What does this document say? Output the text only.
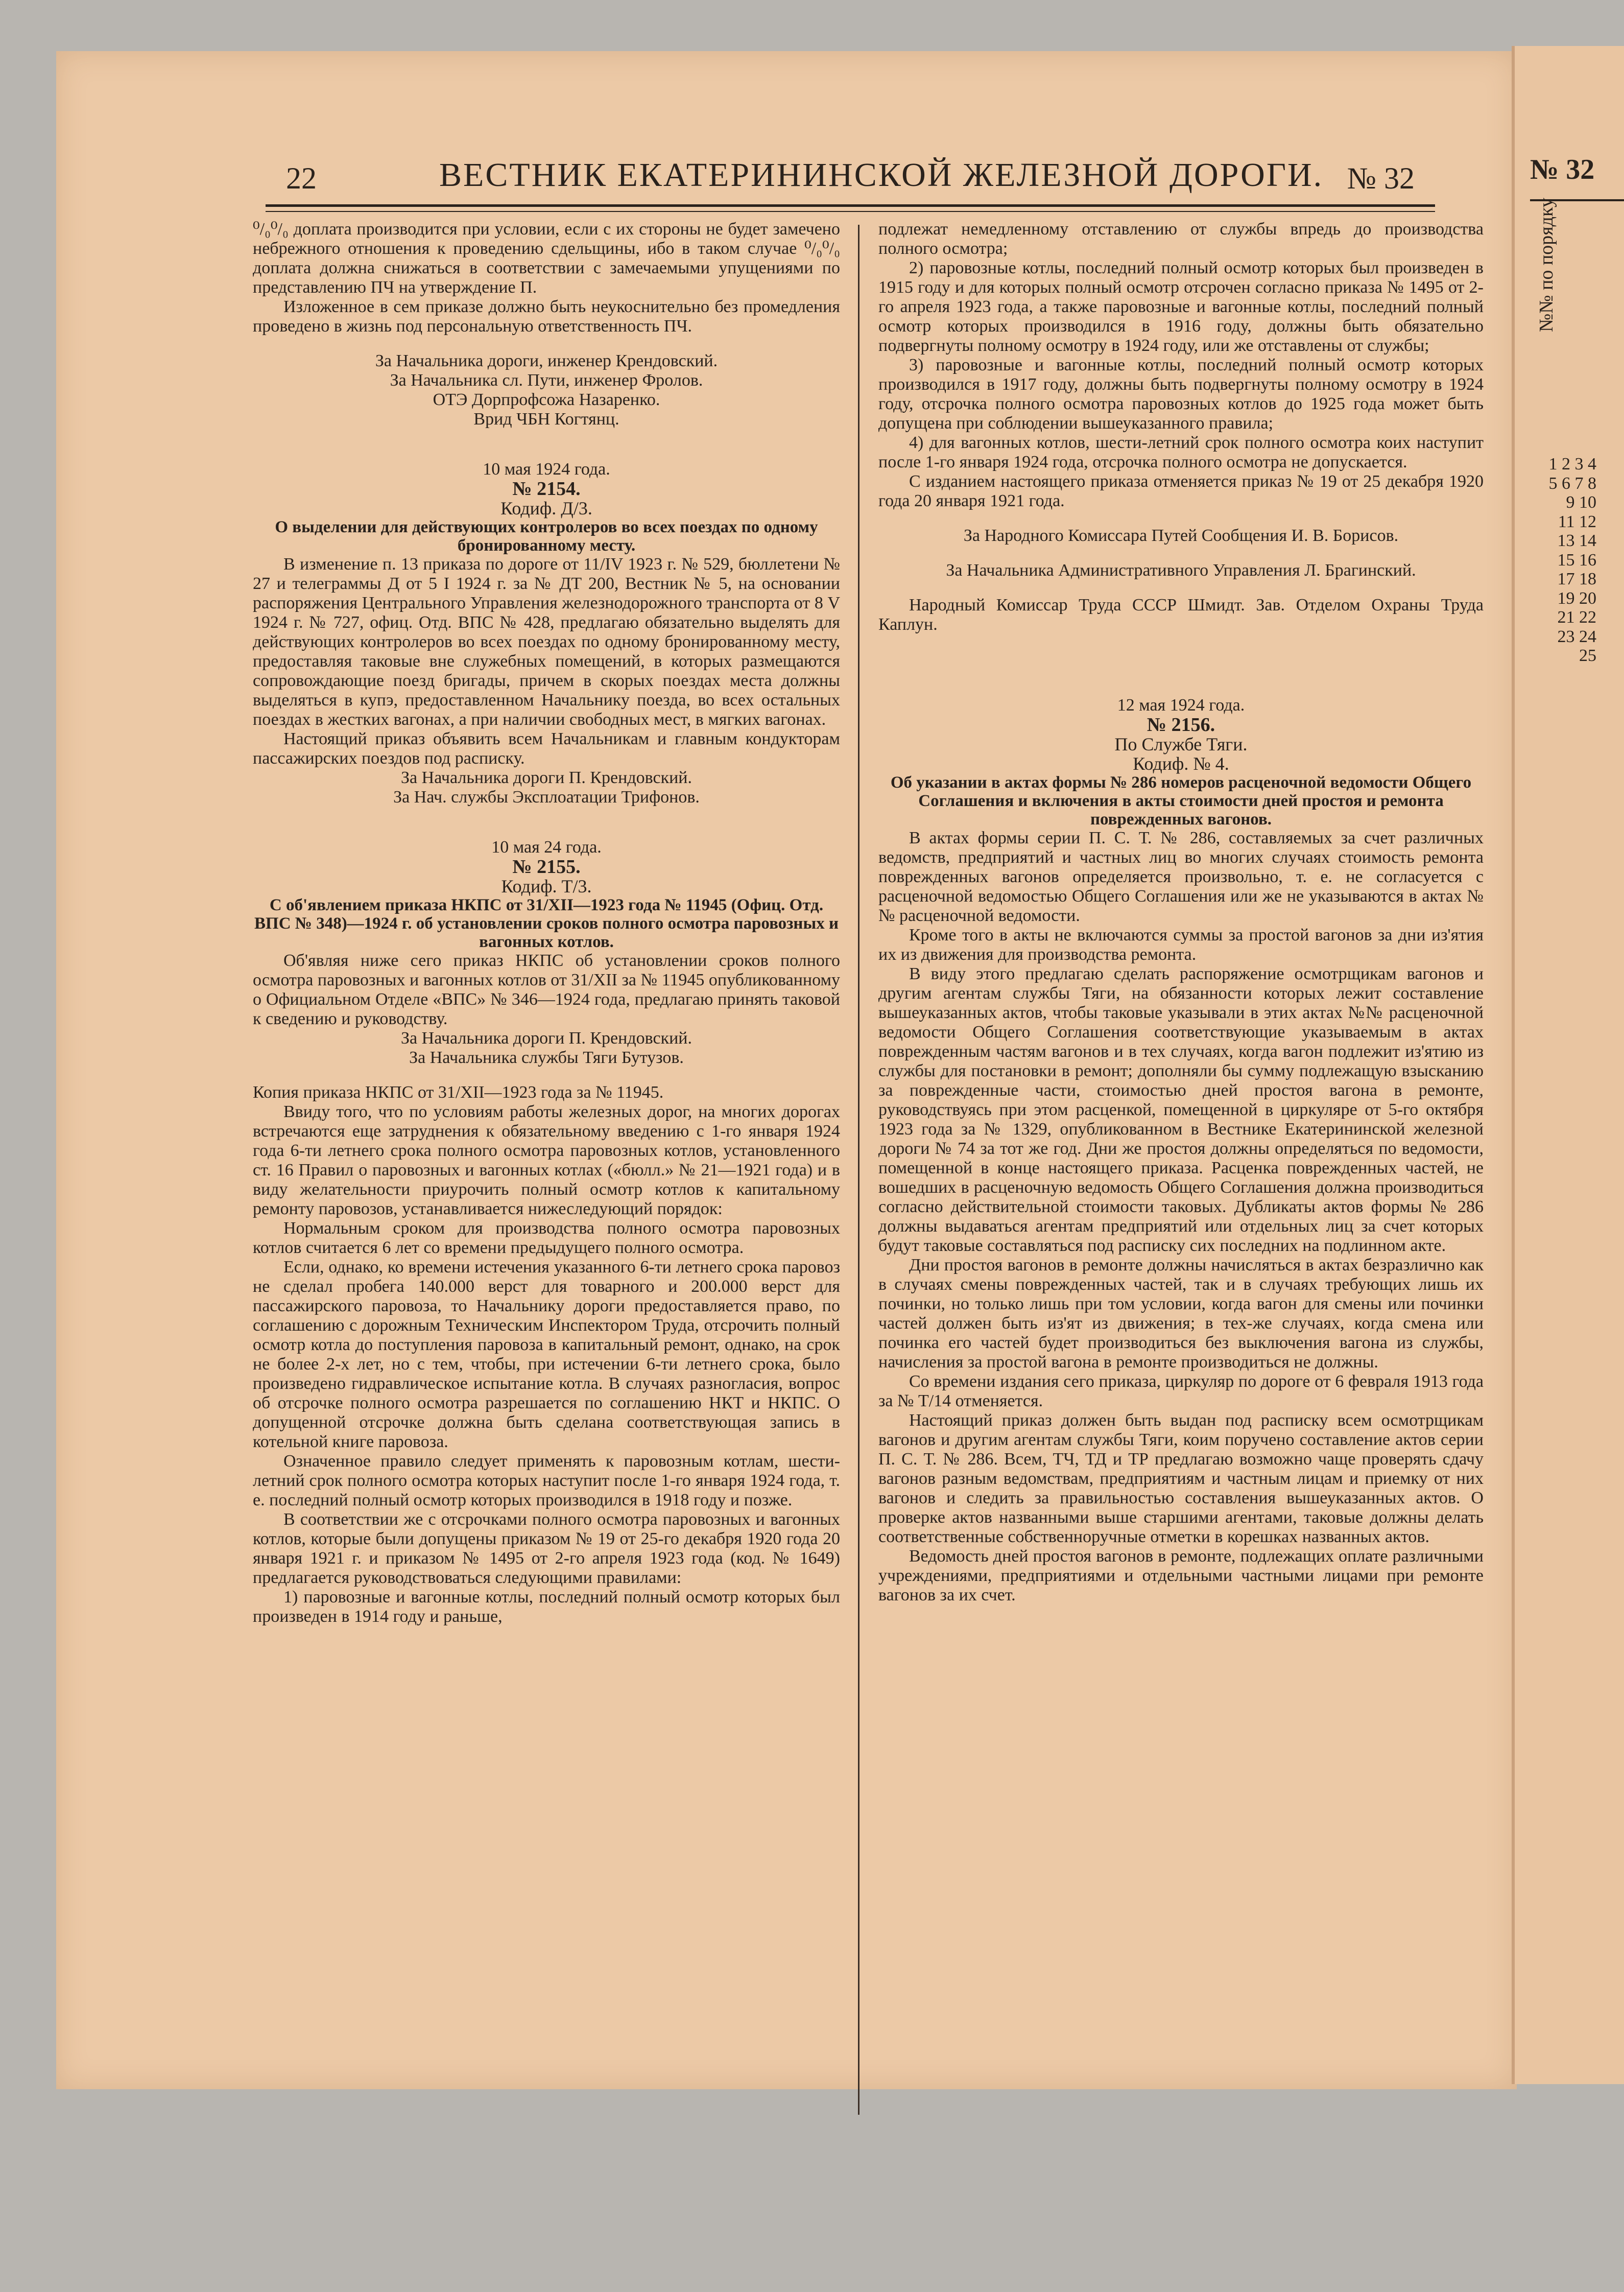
№ 32
№№ по порядку
1 2 3 4 5 6 7 8 9 10 11 12 13 14 15 16 17 18 19 20 21 22 23 24 25
22	ВЕСТНИК ЕКАТЕРИНИНСКОЙ ЖЕЛЕЗНОЙ ДОРОГИ. № 32

⁰/₀⁰/₀ доплата производится при условии, если с их стороны не будет замечено небрежного отношения к проведению сдельщины, ибо в таком случае ⁰/₀⁰/₀ доплата должна снижаться в соответствии с замечаемыми упущениями по представлению ПЧ на утверждение П.

Изложенное в сем приказе должно быть неукоснительно без промедления проведено в жизнь под персональную ответственность ПЧ.

За Начальника дороги, инженер Крендовский.
За Начальника сл. Пути, инженер Фролов.
ОТЭ Дорпрофсожа Назаренко.
Врид ЧБН Когтянц.
10 мая 1924 года.
№ 2154.
Кодиф. Д/3.
О выделении для действующих контролеров во всех поездах по одному бронированному месту.

В изменение п. 13 приказа по дороге от 11/IV 1923 г. № 529, бюллетени № 27 и телеграммы Д от 5 I 1924 г. за № ДТ 200, Вестник № 5, на основании распоряжения Центрального Управления железнодорожного транспорта от 8 V 1924 г. № 727, офиц. Отд. ВПС № 428, предлагаю обязательно выделять для действующих контролеров во всех поездах по одному бронированному месту, предоставляя таковые вне служебных помещений, в которых размещаются сопровождающие поезд бригады, причем в скорых поездах места должны выделяться в купэ, предоставленном Начальнику поезда, во всех остальных поездах в жестких вагонах, а при наличии свободных мест, в мягких вагонах.

Настоящий приказ объявить всем Начальникам и главным кондукторам пассажирских поездов под расписку.

За Начальника дороги П. Крендовский.
За Нач. службы Эксплоатации Трифонов.
10 мая 24 года.
№ 2155.
Кодиф. Т/3.
С об'явлением приказа НКПС от 31/XII—1923 года № 11945 (Офиц. Отд. ВПС № 348)—1924 г. об установлении сроков полного осмотра паровозных и вагонных котлов.

Об'являя ниже сего приказ НКПС об установлении сроков полного осмотра паровозных и вагонных котлов от 31/XII за № 11945 опубликованному о Официальном Отделе «ВПС» № 346—1924 года, предлагаю принять таковой к сведению и руководству.

За Начальника дороги П. Крендовский.
За Начальника службы Тяги Бутузов.

Копия приказа НКПС от 31/XII—1923 года за № 11945.

Ввиду того, что по условиям работы железных дорог, на многих дорогах встречаются еще затруднения к обязательному введению с 1-го января 1924 года 6-ти летнего срока полного осмотра паровозных котлов, установленного ст. 16 Правил о паровозных и вагонных котлах («бюлл.» № 21—1921 года) и в виду желательности приурочить полный осмотр котлов к капитальному ремонту паровозов, устанавливается нижеследующий порядок:

Нормальным сроком для производства полного осмотра паровозных котлов считается 6 лет со времени предыдущего полного осмотра.

Если, однако, ко времени истечения указанного 6-ти летнего срока паровоз не сделал пробега 140.000 верст для товарного и 200.000 верст для пассажирского паровоза, то Начальнику дороги предоставляется право, по соглашению с дорожным Техническим Инспектором Труда, отсрочить полный осмотр котла до поступления паровоза в капитальный ремонт, однако, на срок не более 2-х лет, но с тем, чтобы, при истечении 6-ти летнего срока, было произведено гидравлическое испытание котла. В случаях разногласия, вопрос об отсрочке полного осмотра разрешается по соглашению НКТ и НКПС. О допущенной отсрочке должна быть сделана соответствующая запись в котельной книге паровоза.

Означенное правило следует применять к паровозным котлам, шести-летний срок полного осмотра которых наступит после 1-го января 1924 года, т. е. последний полный осмотр которых производился в 1918 году и позже.

В соответствии же с отсрочками полного осмотра паровозных и вагонных котлов, которые были допущены приказом № 19 от 25-го декабря 1920 года 20 января 1921 г. и приказом № 1495 от 2-го апреля 1923 года (код. № 1649) предлагается руководствоваться следующими правилами:

1) паровозные и вагонные котлы, последний полный осмотр которых был произведен в 1914 году и раньше,

подлежат немедленному отставлению от службы впредь до производства полного осмотра;

2) паровозные котлы, последний полный осмотр которых был произведен в 1915 году и для которых полный осмотр отсрочен согласно приказа № 1495 от 2-го апреля 1923 года, а также паровозные и вагонные котлы, последний полный осмотр которых производился в 1916 году, должны быть обязательно подвергнуты полному осмотру в 1924 году, или же отставлены от службы;

3) паровозные и вагонные котлы, последний полный осмотр которых производился в 1917 году, должны быть подвергнуты полному осмотру в 1924 году, отсрочка полного осмотра паровозных котлов до 1925 года может быть допущена при соблюдении вышеуказанного правила;

4) для вагонных котлов, шести-летний срок полного осмотра коих наступит после 1-го января 1924 года, отсрочка полного осмотра не допускается.

С изданием настоящего приказа отменяется приказ № 19 от 25 декабря 1920 года 20 января 1921 года.

За Народного Комиссара Путей Сообщения И. В. Борисов.
За Начальника Административного Управления Л. Брагинский.

Народный Комиссар Труда СССР Шмидт. Зав. Отделом Охраны Труда Каплун.

12 мая 1924 года.
№ 2156.
По Службе Тяги.
Кодиф. № 4.
Об указании в актах формы № 286 номеров расценочной ведомости Общего Соглашения и включения в акты стоимости дней простоя и ремонта поврежденных вагонов.

В актах формы серии П. С. Т. № 286, составляемых за счет различных ведомств, предприятий и частных лиц во многих случаях стоимость ремонта поврежденных вагонов определяется произвольно, т. е. не согласуется с расценочной ведомостью Общего Соглашения или же не указываются в актах №№ расценочной ведомости.

Кроме того в акты не включаются суммы за простой вагонов за дни из'ятия их из движения для производства ремонта.

В виду этого предлагаю сделать распоряжение осмотрщикам вагонов и другим агентам службы Тяги, на обязанности которых лежит составление вышеуказанных актов, чтобы таковые указывали в этих актах №№ расценочной ведомости Общего Соглашения соответствующие указываемым в актах поврежденным частям вагонов и в тех случаях, когда вагон подлежит из'ятию из службы для постановки в ремонт; дополняли бы сумму подлежащую взысканию за поврежденные части, стоимостью дней простоя вагона в ремонте, руководствуясь при этом расценкой, помещенной в циркуляре от 5-го октября 1923 года за № 1329, опубликованном в Вестнике Екатерининской железной дороги № 74 за тот же год. Дни же простоя должны определяться по ведомости, помещенной в конце настоящего приказа. Расценка поврежденных частей, не вошедших в расценочную ведомость Общего Соглашения должна производиться согласно действительной стоимости таковых. Дубликаты актов формы № 286 должны выдаваться агентам предприятий или отдельных лиц за счет которых будут таковые составляться под расписку сих последних на подлинном акте.

Дни простоя вагонов в ремонте должны начисляться в актах безразлично как в случаях смены поврежденных частей, так и в случаях требующих лишь их починки, но только лишь при том условии, когда вагон для смены или починки частей должен быть из'ят из движения; в тех-же случаях, когда смена или починка его частей будет производиться без выключения вагона из службы, начисления за простой вагона в ремонте производиться не должны.

Со времени издания сего приказа, циркуляр по дороге от 6 февраля 1913 года за № Т/14 отменяется.

Настоящий приказ должен быть выдан под расписку всем осмотрщикам вагонов и другим агентам службы Тяги, коим поручено составление актов серии П. С. Т. № 286. Всем, ТЧ, ТД и ТР предлагаю возможно чаще проверять сдачу вагонов разным ведомствам, предприятиям и частным лицам и приемку от них вагонов и следить за правильностью составления вышеуказанных актов. О проверке актов названными выше старшими агентами, таковые должны делать соответственные собственноручные отметки в корешках названных актов.

Ведомость дней простоя вагонов в ремонте, подлежащих оплате различными учреждениями, предприятиями и отдельными частными лицами при ремонте вагонов за их счет.
